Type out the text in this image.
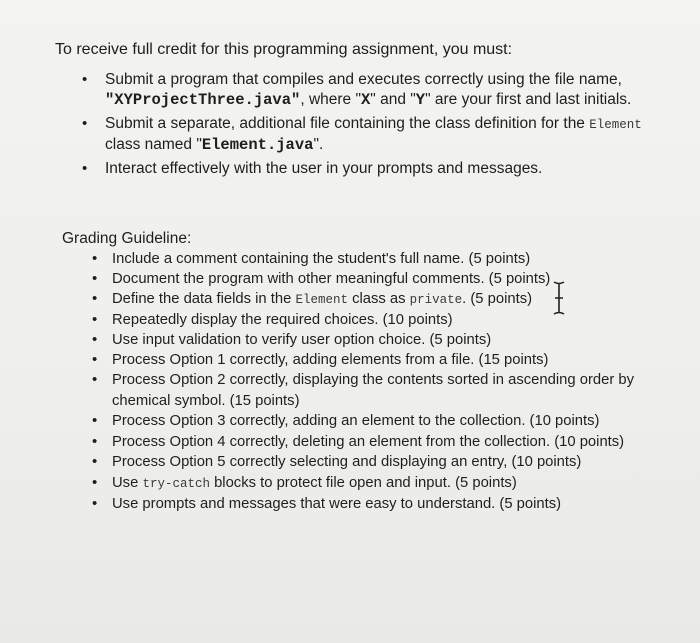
To receive full credit for this programming assignment, you must:
• Submit a program that compiles and executes correctly using the file name, "XYProjectThree.java", where "X" and "Y" are your first and last initials.
• Submit a separate, additional file containing the class definition for the Element class named "Element.java".
• Interact effectively with the user in your prompts and messages.
Grading Guideline:
• Include a comment containing the student's full name. (5 points)
• Document the program with other meaningful comments. (5 points)
• Define the data fields in the Element class as private. (5 points)
• Repeatedly display the required choices. (10 points)
• Use input validation to verify user option choice. (5 points)
• Process Option 1 correctly, adding elements from a file. (15 points)
• Process Option 2 correctly, displaying the contents sorted in ascending order by chemical symbol. (15 points)
• Process Option 3 correctly, adding an element to the collection. (10 points)
• Process Option 4 correctly, deleting an element from the collection. (10 points)
• Process Option 5 correctly selecting and displaying an entry, (10 points)
• Use try-catch blocks to protect file open and input. (5 points)
• Use prompts and messages that were easy to understand. (5 points)
